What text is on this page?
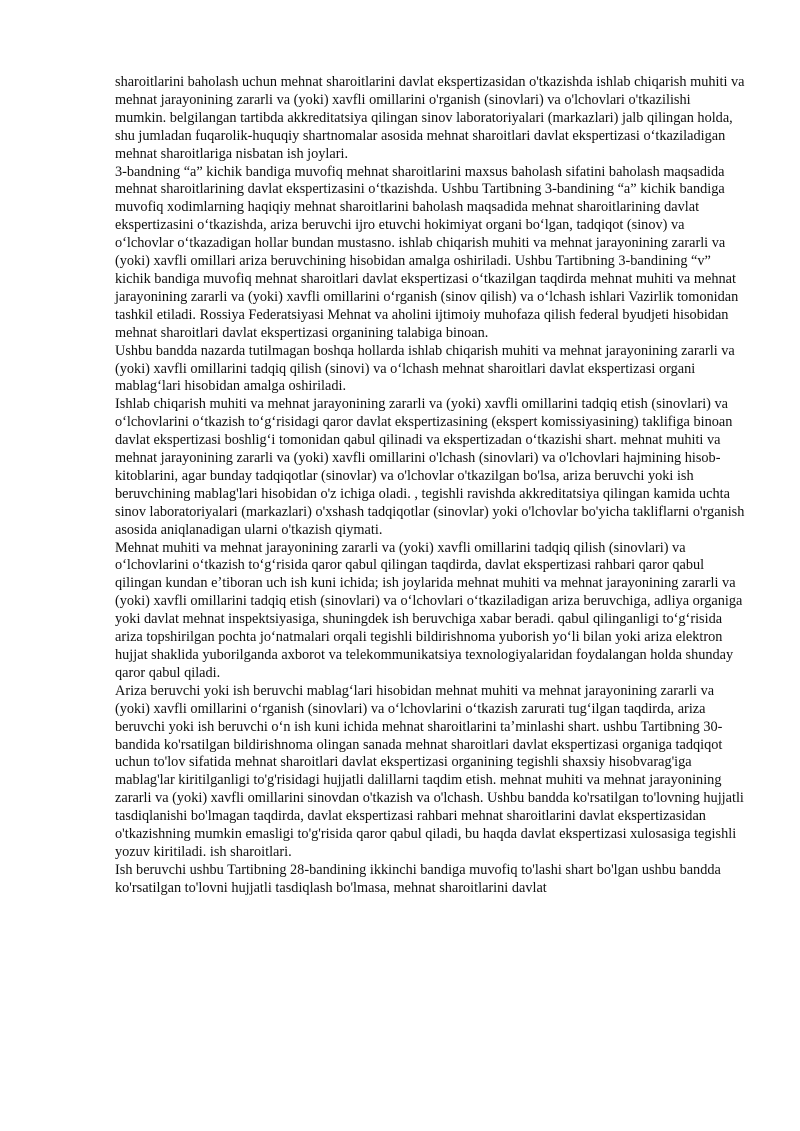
sharoitlarini baholash uchun mehnat sharoitlarini davlat ekspertizasidan o'tkazishda ishlab chiqarish muhiti va mehnat jarayonining zararli va (yoki) xavfli omillarini o'rganish (sinovlari) va o'lchovlari o'tkazilishi mumkin. belgilangan tartibda akkreditatsiya qilingan sinov laboratoriyalari (markazlari) jalb qilingan holda, shu jumladan fuqarolik-huquqiy shartnomalar asosida mehnat sharoitlari davlat ekspertizasi oʻtkaziladigan mehnat sharoitlariga nisbatan ish joylari.

3-bandning “a” kichik bandiga muvofiq mehnat sharoitlarini maxsus baholash sifatini baholash maqsadida mehnat sharoitlarining davlat ekspertizasini oʻtkazishda. Ushbu Tartibning 3-bandining “a” kichik bandiga muvofiq xodimlarning haqiqiy mehnat sharoitlarini baholash maqsadida mehnat sharoitlarining davlat ekspertizasini oʻtkazishda, ariza beruvchi ijro etuvchi hokimiyat organi boʻlgan, tadqiqot (sinov) va oʻlchovlar oʻtkazadigan hollar bundan mustasno. ishlab chiqarish muhiti va mehnat jarayonining zararli va (yoki) xavfli omillari ariza beruvchining hisobidan amalga oshiriladi. Ushbu Tartibning 3-bandining “v” kichik bandiga muvofiq mehnat sharoitlari davlat ekspertizasi oʻtkazilgan taqdirda mehnat muhiti va mehnat jarayonining zararli va (yoki) xavfli omillarini oʻrganish (sinov qilish) va oʻlchash ishlari Vazirlik tomonidan tashkil etiladi. Rossiya Federatsiyasi Mehnat va aholini ijtimoiy muhofaza qilish federal byudjeti hisobidan mehnat sharoitlari davlat ekspertizasi organining talabiga binoan.

Ushbu bandda nazarda tutilmagan boshqa hollarda ishlab chiqarish muhiti va mehnat jarayonining zararli va (yoki) xavfli omillarini tadqiq qilish (sinovi) va oʻlchash mehnat sharoitlari davlat ekspertizasi organi mablagʻlari hisobidan amalga oshiriladi.

Ishlab chiqarish muhiti va mehnat jarayonining zararli va (yoki) xavfli omillarini tadqiq etish (sinovlari) va oʻlchovlarini oʻtkazish toʻgʻrisidagi qaror davlat ekspertizasining (ekspert komissiyasining) taklifiga binoan davlat ekspertizasi boshligʻi tomonidan qabul qilinadi va ekspertizadan oʻtkazishi shart. mehnat muhiti va mehnat jarayonining zararli va (yoki) xavfli omillarini o'lchash (sinovlari) va o'lchovlari hajmining hisob-kitoblarini, agar bunday tadqiqotlar (sinovlar) va o'lchovlar o'tkazilgan bo'lsa, ariza beruvchi yoki ish beruvchining mablag'lari hisobidan o'z ichiga oladi. , tegishli ravishda akkreditatsiya qilingan kamida uchta sinov laboratoriyalari (markazlari) o'xshash tadqiqotlar (sinovlar) yoki o'lchovlar bo'yicha takliflarni o'rganish asosida aniqlanadigan ularni o'tkazish qiymati.

Mehnat muhiti va mehnat jarayonining zararli va (yoki) xavfli omillarini tadqiq qilish (sinovlari) va oʻlchovlarini oʻtkazish toʻgʻrisida qaror qabul qilingan taqdirda, davlat ekspertizasi rahbari qaror qabul qilingan kundan eʼtiboran uch ish kuni ichida; ish joylarida mehnat muhiti va mehnat jarayonining zararli va (yoki) xavfli omillarini tadqiq etish (sinovlari) va oʻlchovlari oʻtkaziladigan ariza beruvchiga, adliya organiga yoki davlat mehnat inspektsiyasiga, shuningdek ish beruvchiga xabar beradi. qabul qilinganligi toʻgʻrisida ariza topshirilgan pochta joʻnatmalari orqali tegishli bildirishnoma yuborish yoʻli bilan yoki ariza elektron hujjat shaklida yuborilganda axborot va telekommunikatsiya texnologiyalaridan foydalangan holda shunday qaror qabul qiladi.

Ariza beruvchi yoki ish beruvchi mablagʻlari hisobidan mehnat muhiti va mehnat jarayonining zararli va (yoki) xavfli omillarini oʻrganish (sinovlari) va oʻlchovlarini oʻtkazish zarurati tugʻilgan taqdirda, ariza beruvchi yoki ish beruvchi oʻn ish kuni ichida mehnat sharoitlarini taʼminlashi shart. ushbu Tartibning 30-bandida ko'rsatilgan bildirishnoma olingan sanada mehnat sharoitlari davlat ekspertizasi organiga tadqiqot uchun to'lov sifatida mehnat sharoitlari davlat ekspertizasi organining tegishli shaxsiy hisobvarag'iga mablag'lar kiritilganligi to'g'risidagi hujjatli dalillarni taqdim etish. mehnat muhiti va mehnat jarayonining zararli va (yoki) xavfli omillarini sinovdan o'tkazish va o'lchash. Ushbu bandda ko'rsatilgan to'lovning hujjatli tasdiqlanishi bo'lmagan taqdirda, davlat ekspertizasi rahbari mehnat sharoitlarini davlat ekspertizasidan o'tkazishning mumkin emasligi to'g'risida qaror qabul qiladi, bu haqda davlat ekspertizasi xulosasiga tegishli yozuv kiritiladi. ish sharoitlari.

Ish beruvchi ushbu Tartibning 28-bandining ikkinchi bandiga muvofiq to'lashi shart bo'lgan ushbu bandda ko'rsatilgan to'lovni hujjatli tasdiqlash bo'lmasa, mehnat sharoitlarini davlat
